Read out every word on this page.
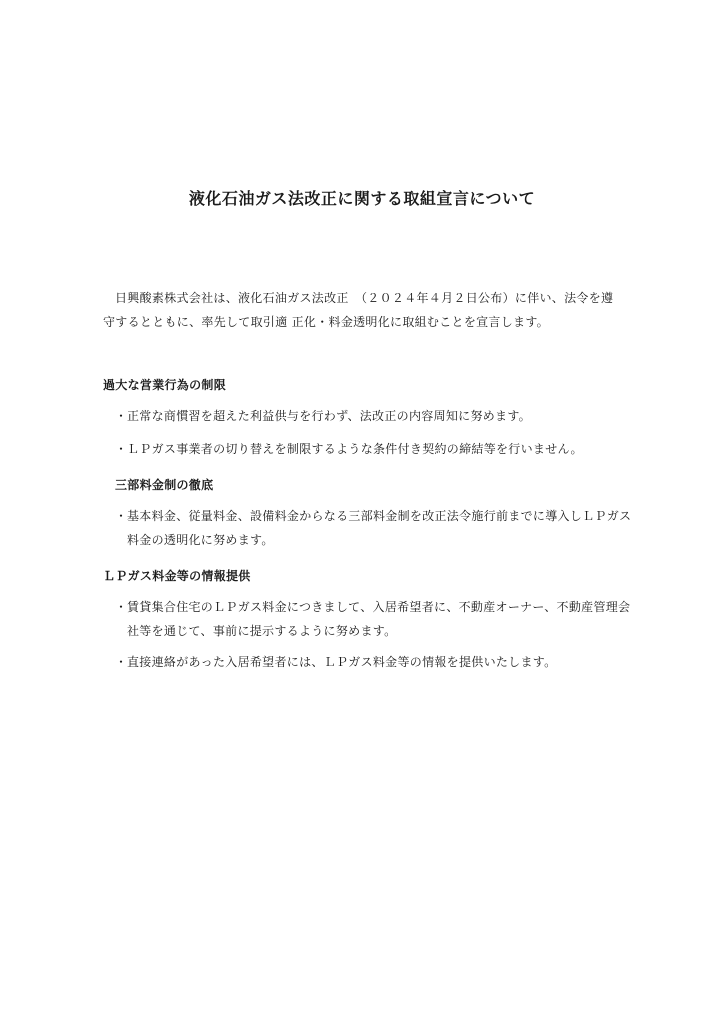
液化石油ガス法改正に関する取組宣言について
日興酸素株式会社は、液化石油ガス法改正　（２０２４年４月２日公布）に伴い、法令を遵守するとともに、率先して取引適 正化・料金透明化に取組むことを宣言します。
過大な営業行為の制限
・正常な商慣習を超えた利益供与を行わず、法改正の内容周知に努めます。
・ＬＰガス事業者の切り替えを制限するような条件付き契約の締結等を行いません。
三部料金制の徹底
・基本料金、従量料金、設備料金からなる三部料金制を改正法令施行前までに導入しＬＰガス料金の透明化に努めます。
ＬＰガス料金等の情報提供
・賃貸集合住宅のＬＰガス料金につきまして、入居希望者に、不動産オーナー、不動産管理会社等を通じて、事前に提示するように努めます。
・直接連絡があった入居希望者には、ＬＰガス料金等の情報を提供いたします。
